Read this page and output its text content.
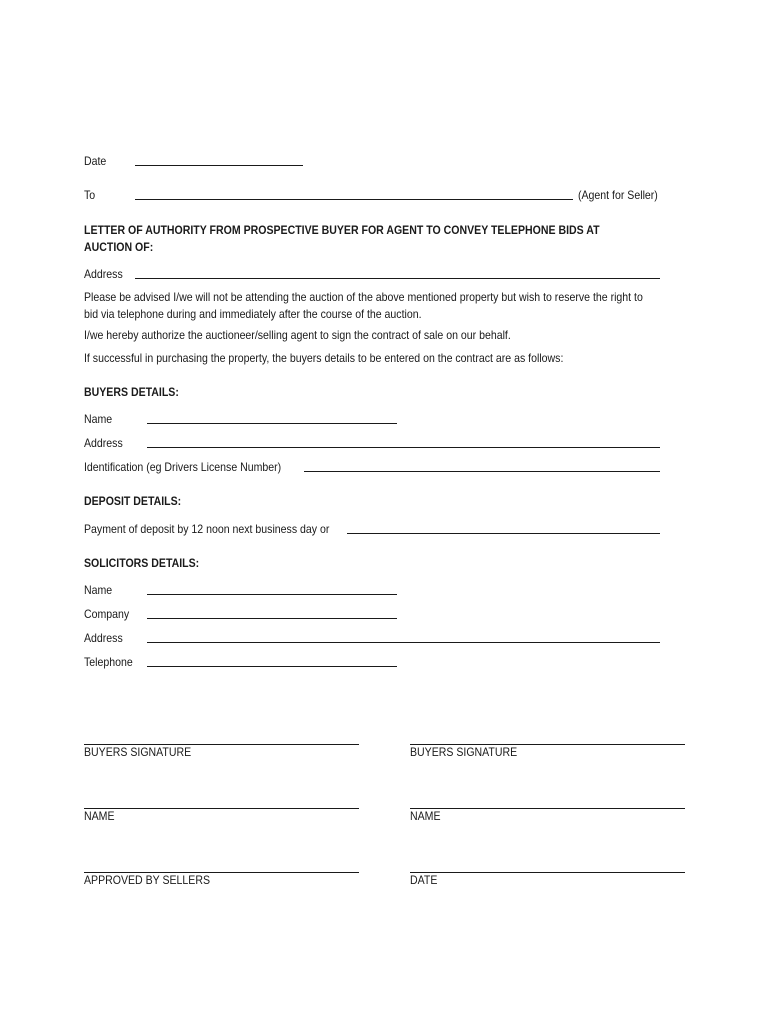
Date
To	(Agent for Seller)
LETTER OF AUTHORITY FROM PROSPECTIVE BUYER FOR AGENT TO CONVEY TELEPHONE BIDS AT
AUCTION OF:
Address
Please be advised I/we will not be attending the auction of the above mentioned property but wish to reserve the right to
bid via telephone during and immediately after the course of the auction.
I/we hereby authorize the auctioneer/selling agent to sign the contract of sale on our behalf.
If successful in purchasing the property, the buyers details to be entered on the contract are as follows:
BUYERS DETAILS:
Name
Address
Identification (eg Drivers License Number)
DEPOSIT DETAILS:
Payment of deposit by 12 noon next business day or
SOLICITORS DETAILS:
Name
Company
Address
Telephone
BUYERS SIGNATURE
NAME
APPROVED BY SELLERS
BUYERS SIGNATURE
NAME
DATE
